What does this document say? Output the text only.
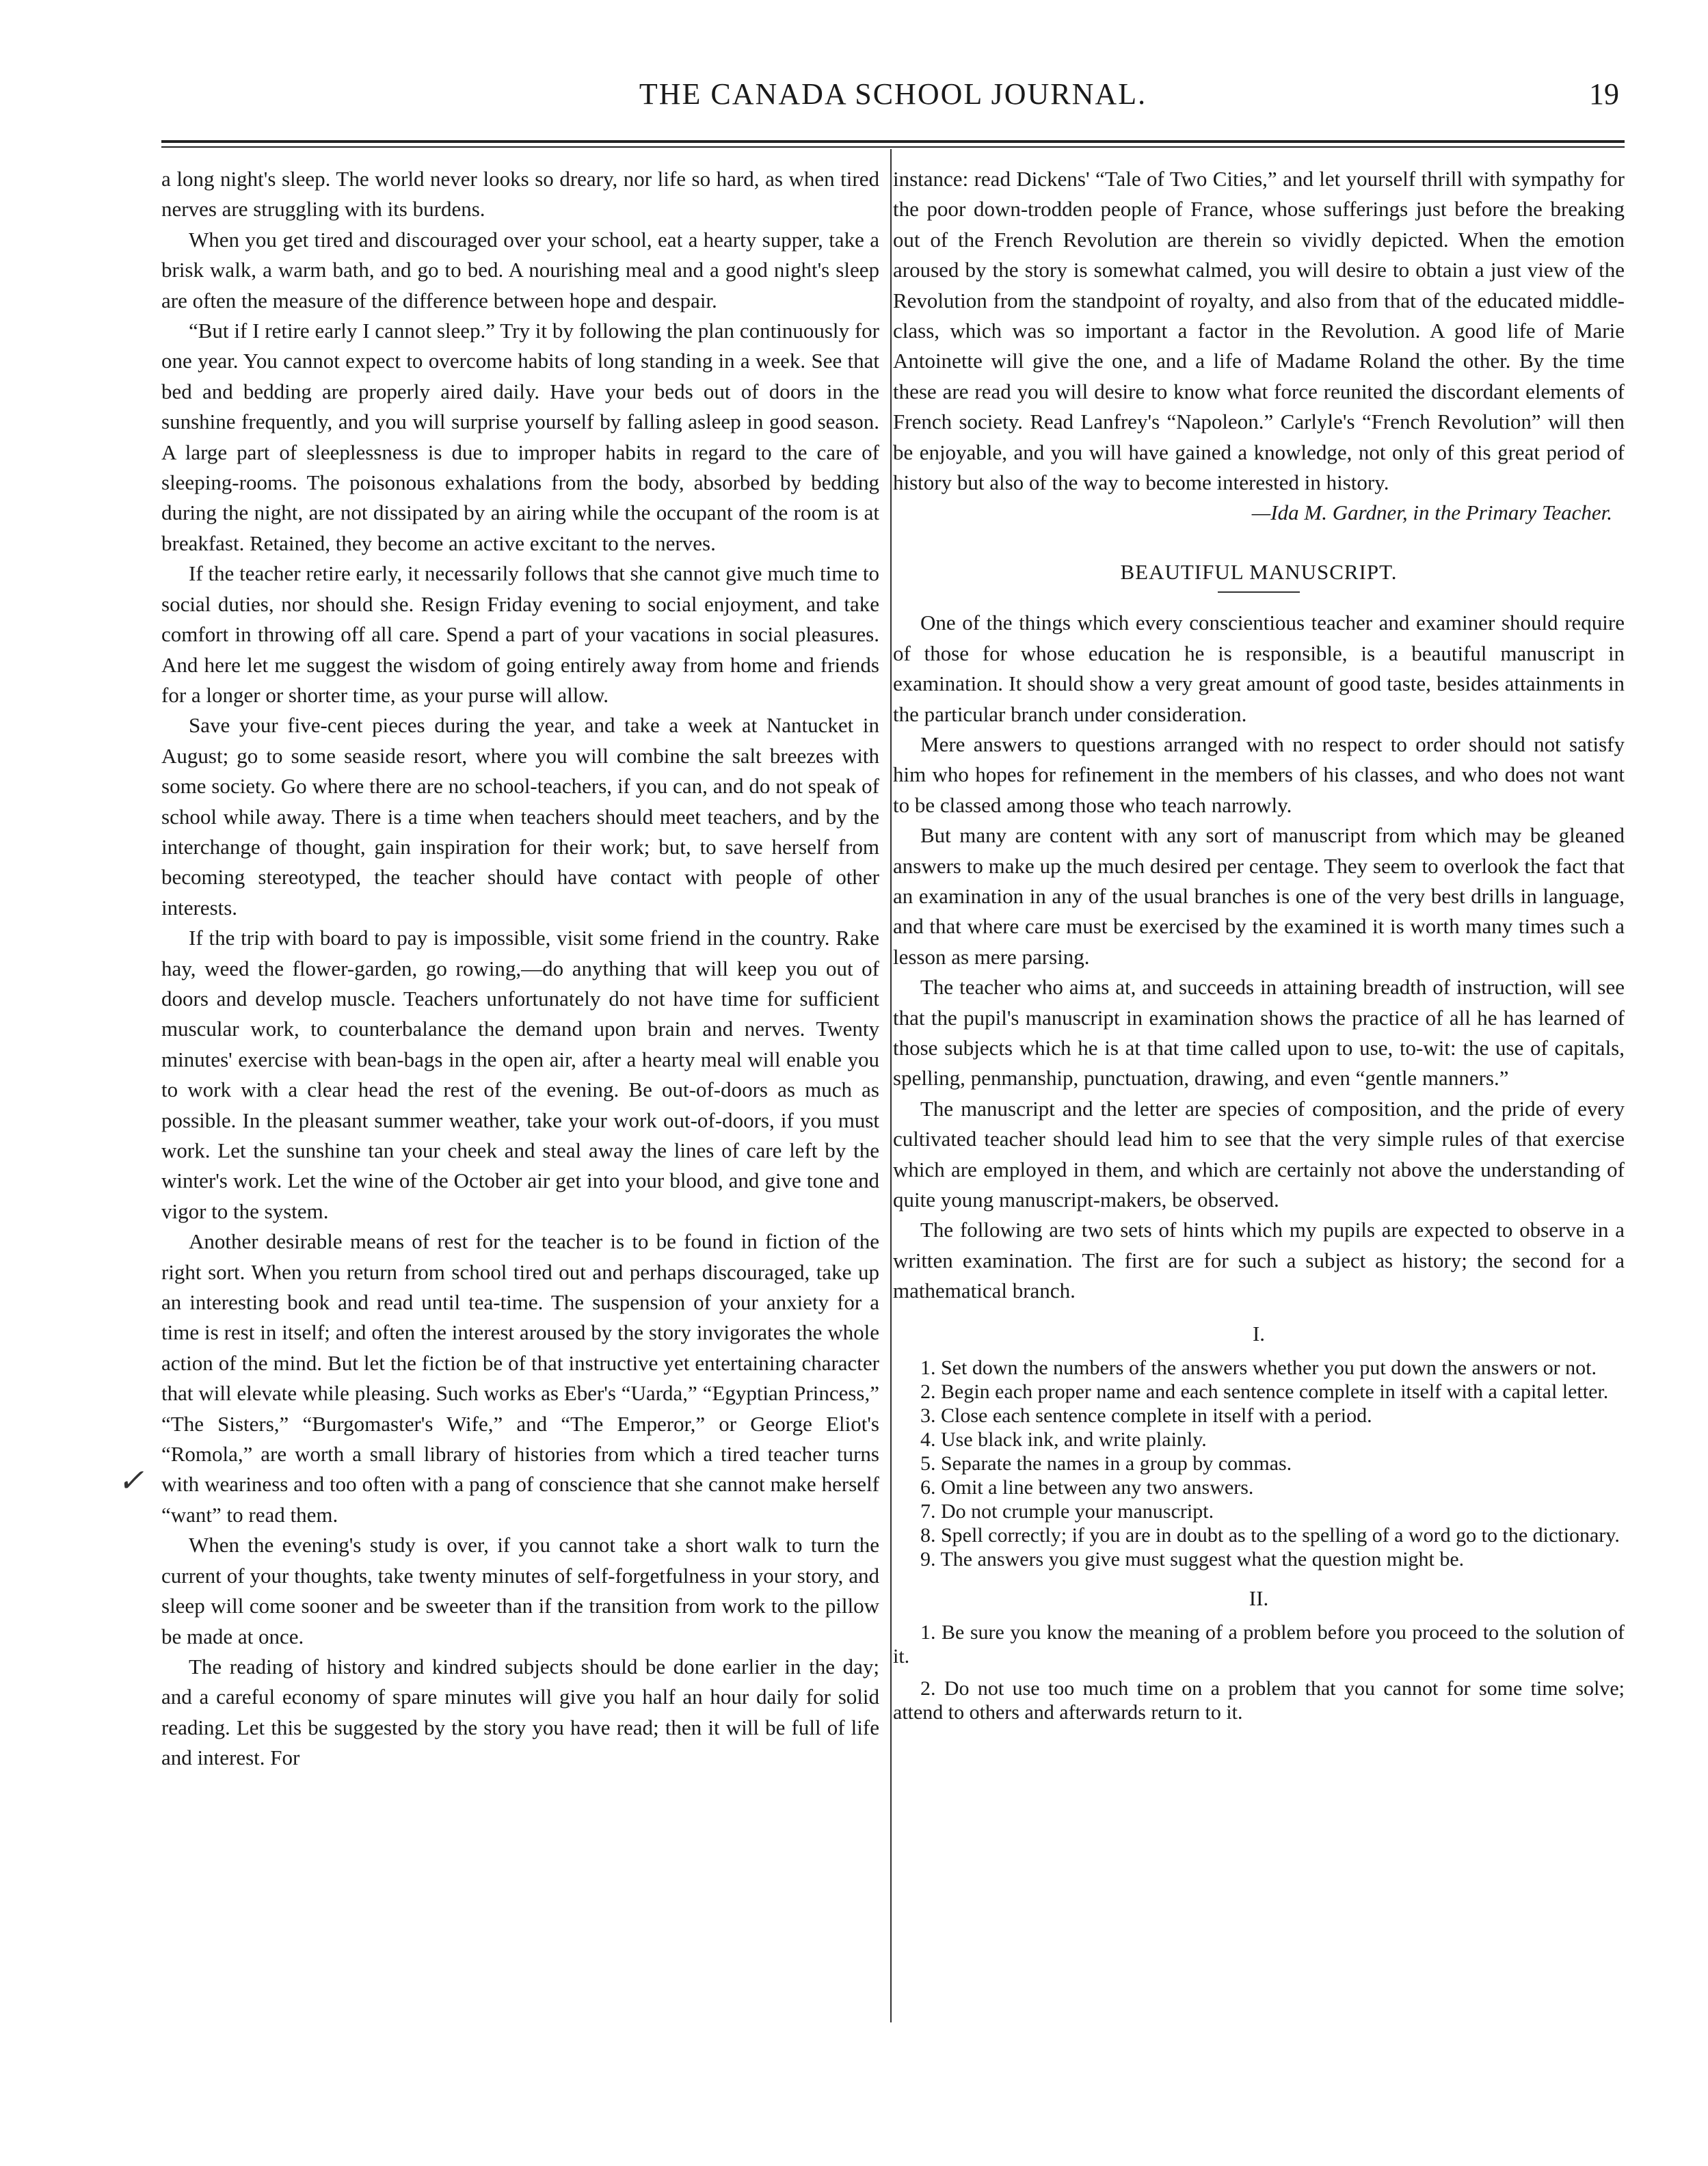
THE CANADA SCHOOL JOURNAL.	19
✓

a long night's sleep. The world never looks so dreary, nor life so hard, as when tired nerves are struggling with its burdens.

When you get tired and discouraged over your school, eat a hearty supper, take a brisk walk, a warm bath, and go to bed. A nourishing meal and a good night's sleep are often the measure of the difference between hope and despair.

“But if I retire early I cannot sleep.” Try it by following the plan continuously for one year. You cannot expect to overcome habits of long standing in a week. See that bed and bedding are properly aired daily. Have your beds out of doors in the sunshine frequently, and you will surprise yourself by falling asleep in good season. A large part of sleeplessness is due to improper habits in regard to the care of sleeping-rooms. The poisonous exhalations from the body, absorbed by bedding during the night, are not dissipated by an airing while the occupant of the room is at breakfast. Retained, they become an active excitant to the nerves.

If the teacher retire early, it necessarily follows that she cannot give much time to social duties, nor should she. Resign Friday evening to social enjoyment, and take comfort in throwing off all care. Spend a part of your vacations in social pleasures. And here let me suggest the wisdom of going entirely away from home and friends for a longer or shorter time, as your purse will allow.

Save your five-cent pieces during the year, and take a week at Nantucket in August; go to some seaside resort, where you will combine the salt breezes with some society. Go where there are no school-teachers, if you can, and do not speak of school while away. There is a time when teachers should meet teachers, and by the interchange of thought, gain inspiration for their work; but, to save herself from becoming stereotyped, the teacher should have contact with people of other interests.

If the trip with board to pay is impossible, visit some friend in the country. Rake hay, weed the flower-garden, go rowing,—do anything that will keep you out of doors and develop muscle. Teachers unfortunately do not have time for sufficient muscular work, to counterbalance the demand upon brain and nerves. Twenty minutes' exercise with bean-bags in the open air, after a hearty meal will enable you to work with a clear head the rest of the evening. Be out-of-doors as much as possible. In the pleasant summer weather, take your work out-of-doors, if you must work. Let the sunshine tan your cheek and steal away the lines of care left by the winter's work. Let the wine of the October air get into your blood, and give tone and vigor to the system.

Another desirable means of rest for the teacher is to be found in fiction of the right sort. When you return from school tired out and perhaps discouraged, take up an interesting book and read until tea-time. The suspension of your anxiety for a time is rest in itself; and often the interest aroused by the story invigorates the whole action of the mind. But let the fiction be of that instructive yet entertaining character that will elevate while pleasing. Such works as Eber's “Uarda,” “Egyptian Princess,” “The Sisters,” “Burgomaster's Wife,” and “The Emperor,” or George Eliot's “Romola,” are worth a small library of histories from which a tired teacher turns with weariness and too often with a pang of conscience that she cannot make herself “want” to read them.

When the evening's study is over, if you cannot take a short walk to turn the current of your thoughts, take twenty minutes of self-forgetfulness in your story, and sleep will come sooner and be sweeter than if the transition from work to the pillow be made at once.

The reading of history and kindred subjects should be done earlier in the day; and a careful economy of spare minutes will give you half an hour daily for solid reading. Let this be suggested by the story you have read; then it will be full of life and interest. For

instance: read Dickens' “Tale of Two Cities,” and let yourself thrill with sympathy for the poor down-trodden people of France, whose sufferings just before the breaking out of the French Revolution are therein so vividly depicted. When the emotion aroused by the story is somewhat calmed, you will desire to obtain a just view of the Revolution from the standpoint of royalty, and also from that of the educated middle-class, which was so important a factor in the Revolution. A good life of Marie Antoinette will give the one, and a life of Madame Roland the other. By the time these are read you will desire to know what force reunited the discordant elements of French society. Read Lanfrey's “Napoleon.” Carlyle's “French Revolution” will then be enjoyable, and you will have gained a knowledge, not only of this great period of history but also of the way to become interested in history.

—Ida M. Gardner, in the Primary Teacher.
BEAUTIFUL MANUSCRIPT.

One of the things which every conscientious teacher and examiner should require of those for whose education he is responsible, is a beautiful manuscript in examination. It should show a very great amount of good taste, besides attainments in the particular branch under consideration.

Mere answers to questions arranged with no respect to order should not satisfy him who hopes for refinement in the members of his classes, and who does not want to be classed among those who teach narrowly.

But many are content with any sort of manuscript from which may be gleaned answers to make up the much desired per centage. They seem to overlook the fact that an examination in any of the usual branches is one of the very best drills in language, and that where care must be exercised by the examined it is worth many times such a lesson as mere parsing.

The teacher who aims at, and succeeds in attaining breadth of instruction, will see that the pupil's manuscript in examination shows the practice of all he has learned of those subjects which he is at that time called upon to use, to-wit: the use of capitals, spelling, penmanship, punctuation, drawing, and even “gentle manners.”

The manuscript and the letter are species of composition, and the pride of every cultivated teacher should lead him to see that the very simple rules of that exercise which are employed in them, and which are certainly not above the understanding of quite young manuscript-makers, be observed.

The following are two sets of hints which my pupils are expected to observe in a written examination. The first are for such a subject as history; the second for a mathematical branch.

I.

1. Set down the numbers of the answers whether you put down the answers or not.

2. Begin each proper name and each sentence complete in itself with a capital letter.

3. Close each sentence complete in itself with a period.

4. Use black ink, and write plainly.

5. Separate the names in a group by commas.

6. Omit a line between any two answers.

7. Do not crumple your manuscript.

8. Spell correctly; if you are in doubt as to the spelling of a word go to the dictionary.

9. The answers you give must suggest what the question might be.

II.

1. Be sure you know the meaning of a problem before you proceed to the solution of it.

2. Do not use too much time on a problem that you cannot for some time solve; attend to others and afterwards return to it.
